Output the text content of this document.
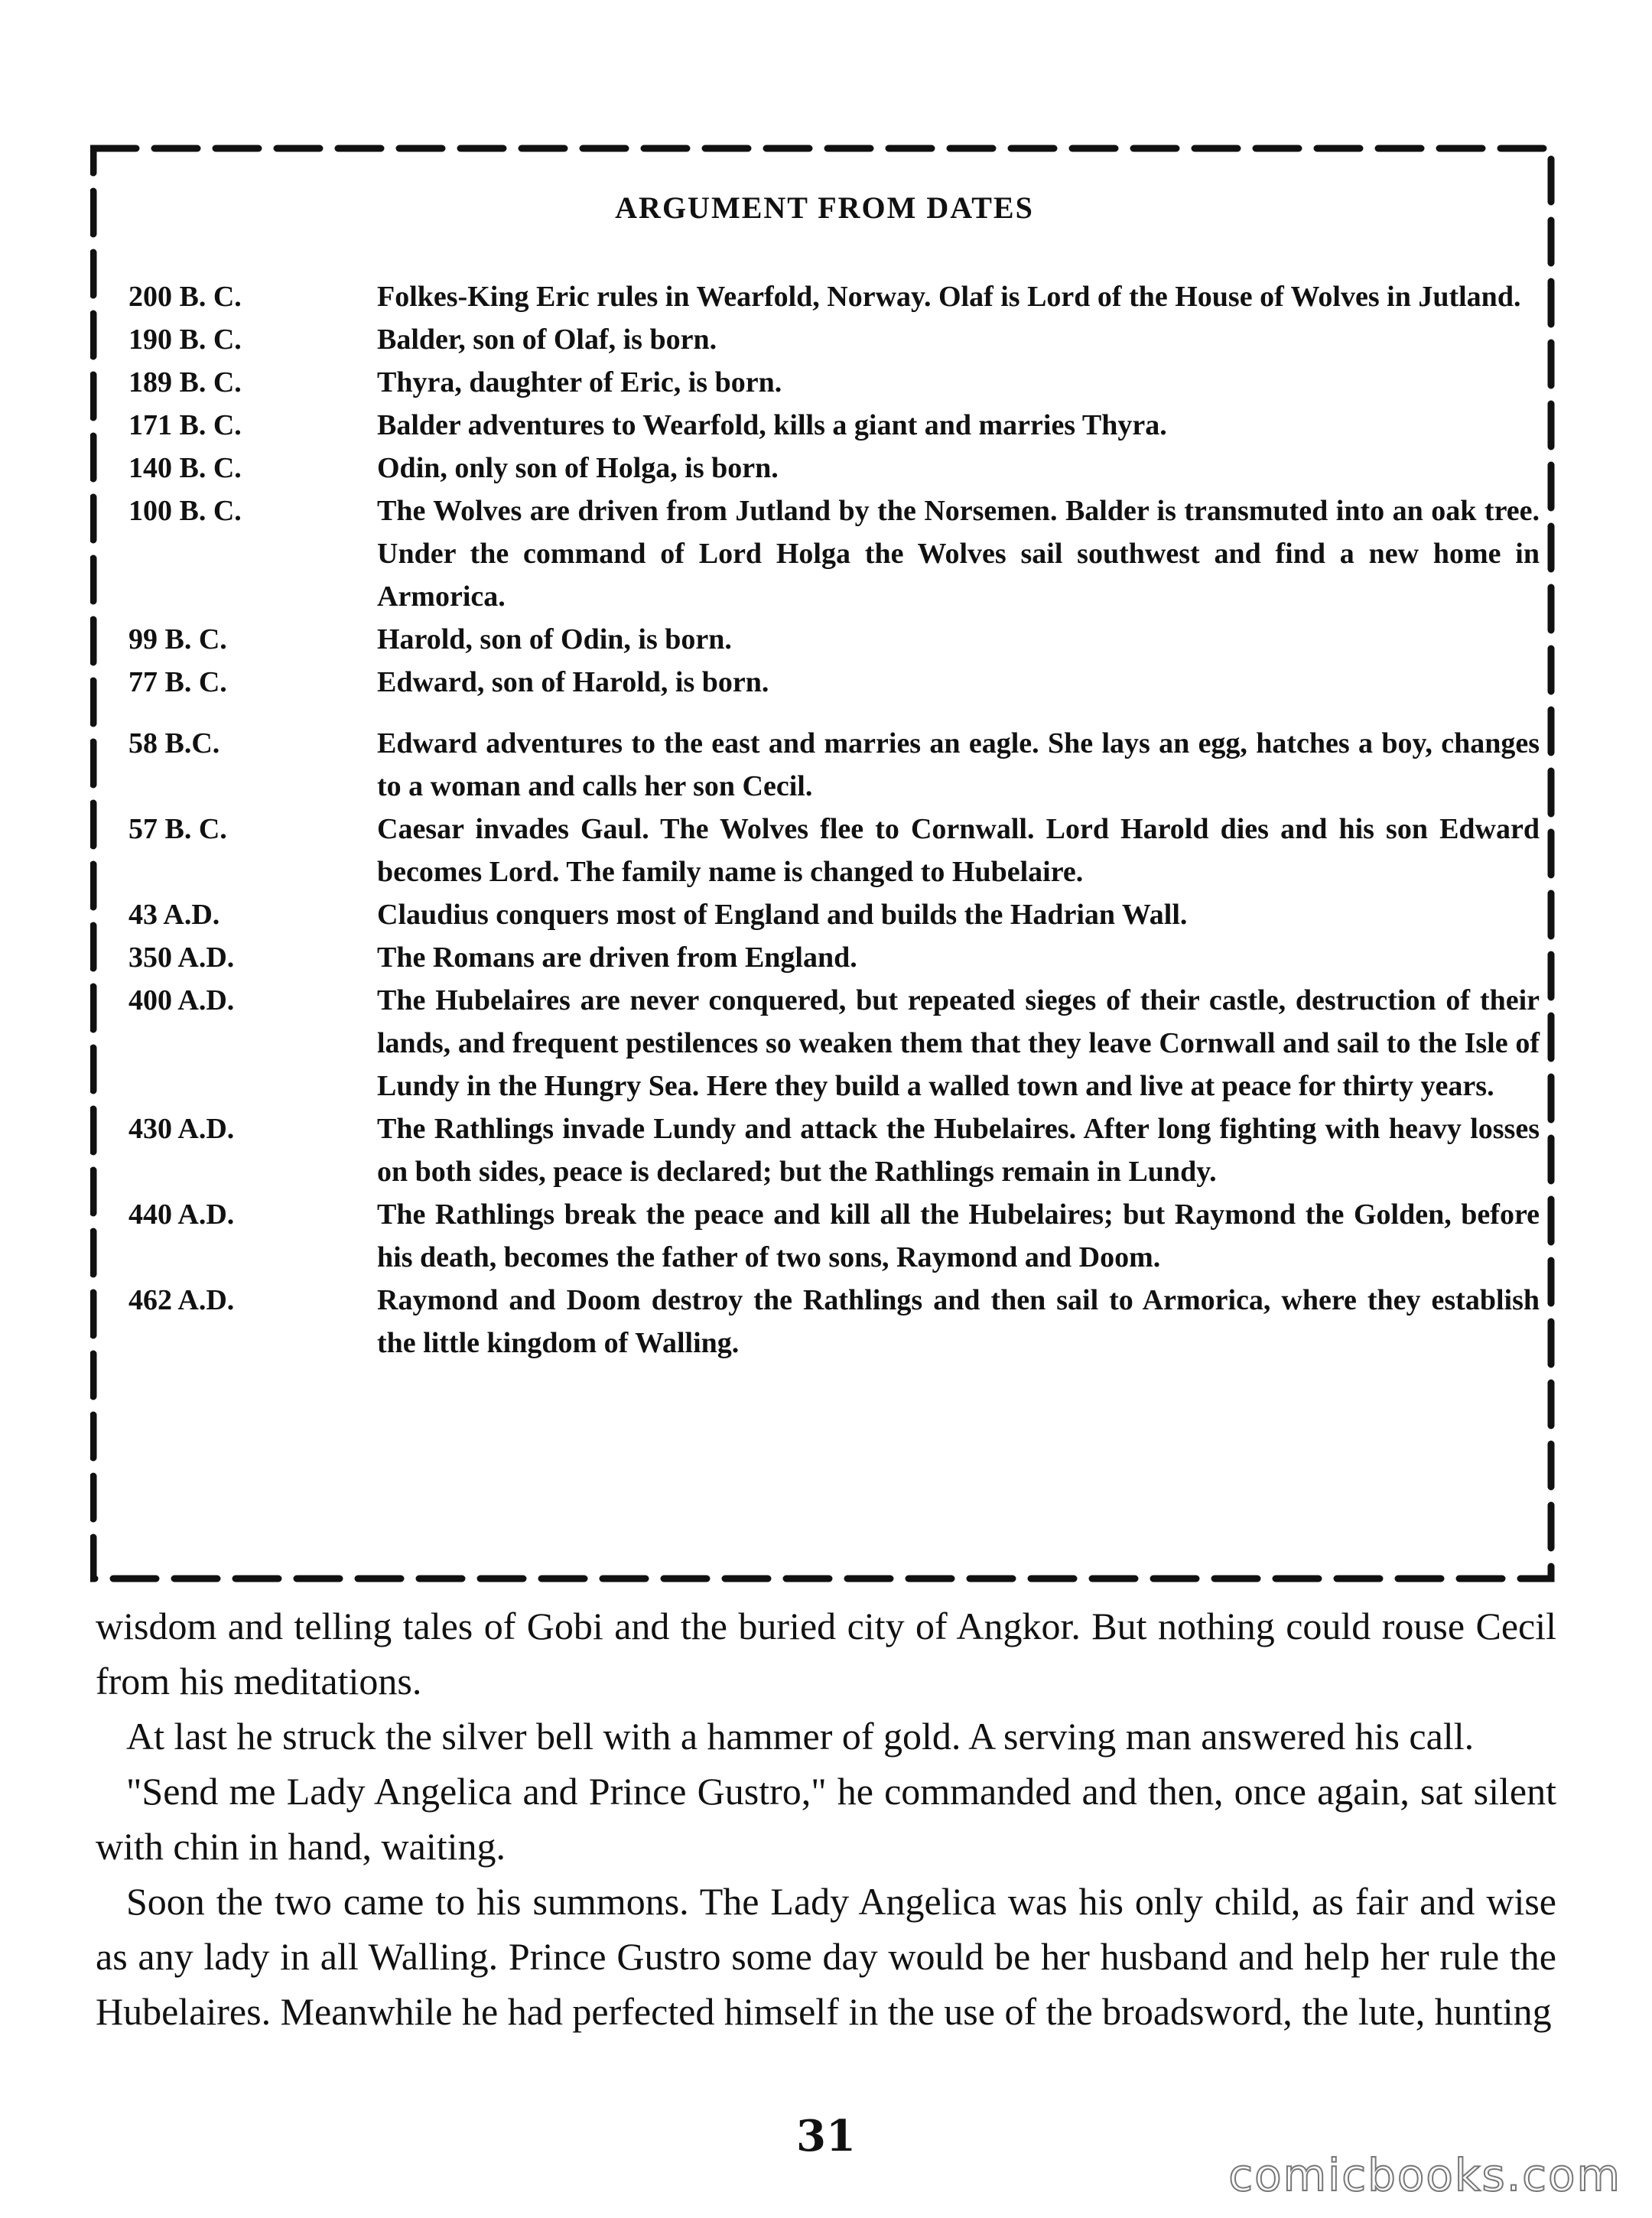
ARGUMENT FROM DATES
200 B. C.	Folkes-King Eric rules in Wearfold, Norway. Olaf is Lord of the House of Wolves in Jutland.
190 B. C.	Balder, son of Olaf, is born.
189 B. C.	Thyra, daughter of Eric, is born.
171 B. C.	Balder adventures to Wearfold, kills a giant and marries Thyra.
140 B. C.	Odin, only son of Holga, is born.
100 B. C.	The Wolves are driven from Jutland by the Norsemen. Balder is transmuted into an oak tree. Under the command of Lord Holga the Wolves sail southwest and find a new home in Armorica.
99 B. C.	Harold, son of Odin, is born.
77 B. C.	Edward, son of Harold, is born.
58 B.C.	Edward adventures to the east and marries an eagle. She lays an egg, hatches a boy, changes to a woman and calls her son Cecil.
57 B. C.	Caesar invades Gaul. The Wolves flee to Cornwall. Lord Harold dies and his son Edward becomes Lord. The family name is changed to Hubelaire.
43 A.D.	Claudius conquers most of England and builds the Hadrian Wall.
350 A.D.	The Romans are driven from England.
400 A.D.	The Hubelaires are never conquered, but repeated sieges of their castle, destruction of their lands, and frequent pestilences so weaken them that they leave Cornwall and sail to the Isle of Lundy in the Hungry Sea. Here they build a walled town and live at peace for thirty years.
430 A.D.	The Rathlings invade Lundy and attack the Hubelaires. After long fighting with heavy losses on both sides, peace is declared; but the Rathlings remain in Lundy.
440 A.D.	The Rathlings break the peace and kill all the Hubelaires; but Raymond the Golden, before his death, becomes the father of two sons, Raymond and Doom.
462 A.D.	Raymond and Doom destroy the Rathlings and then sail to Armorica, where they establish the little kingdom of Walling.

wisdom and telling tales of Gobi and the buried city of Angkor. But nothing could rouse Cecil from his meditations.

At last he struck the silver bell with a hammer of gold. A serving man answered his call.

"Send me Lady Angelica and Prince Gustro," he commanded and then, once again, sat silent with chin in hand, waiting.

Soon the two came to his summons. The Lady Angelica was his only child, as fair and wise as any lady in all Walling. Prince Gustro some day would be her husband and help her rule the Hubelaires. Meanwhile he had perfected himself in the use of the broadsword, the lute, hunting

31
comicbooks.com
